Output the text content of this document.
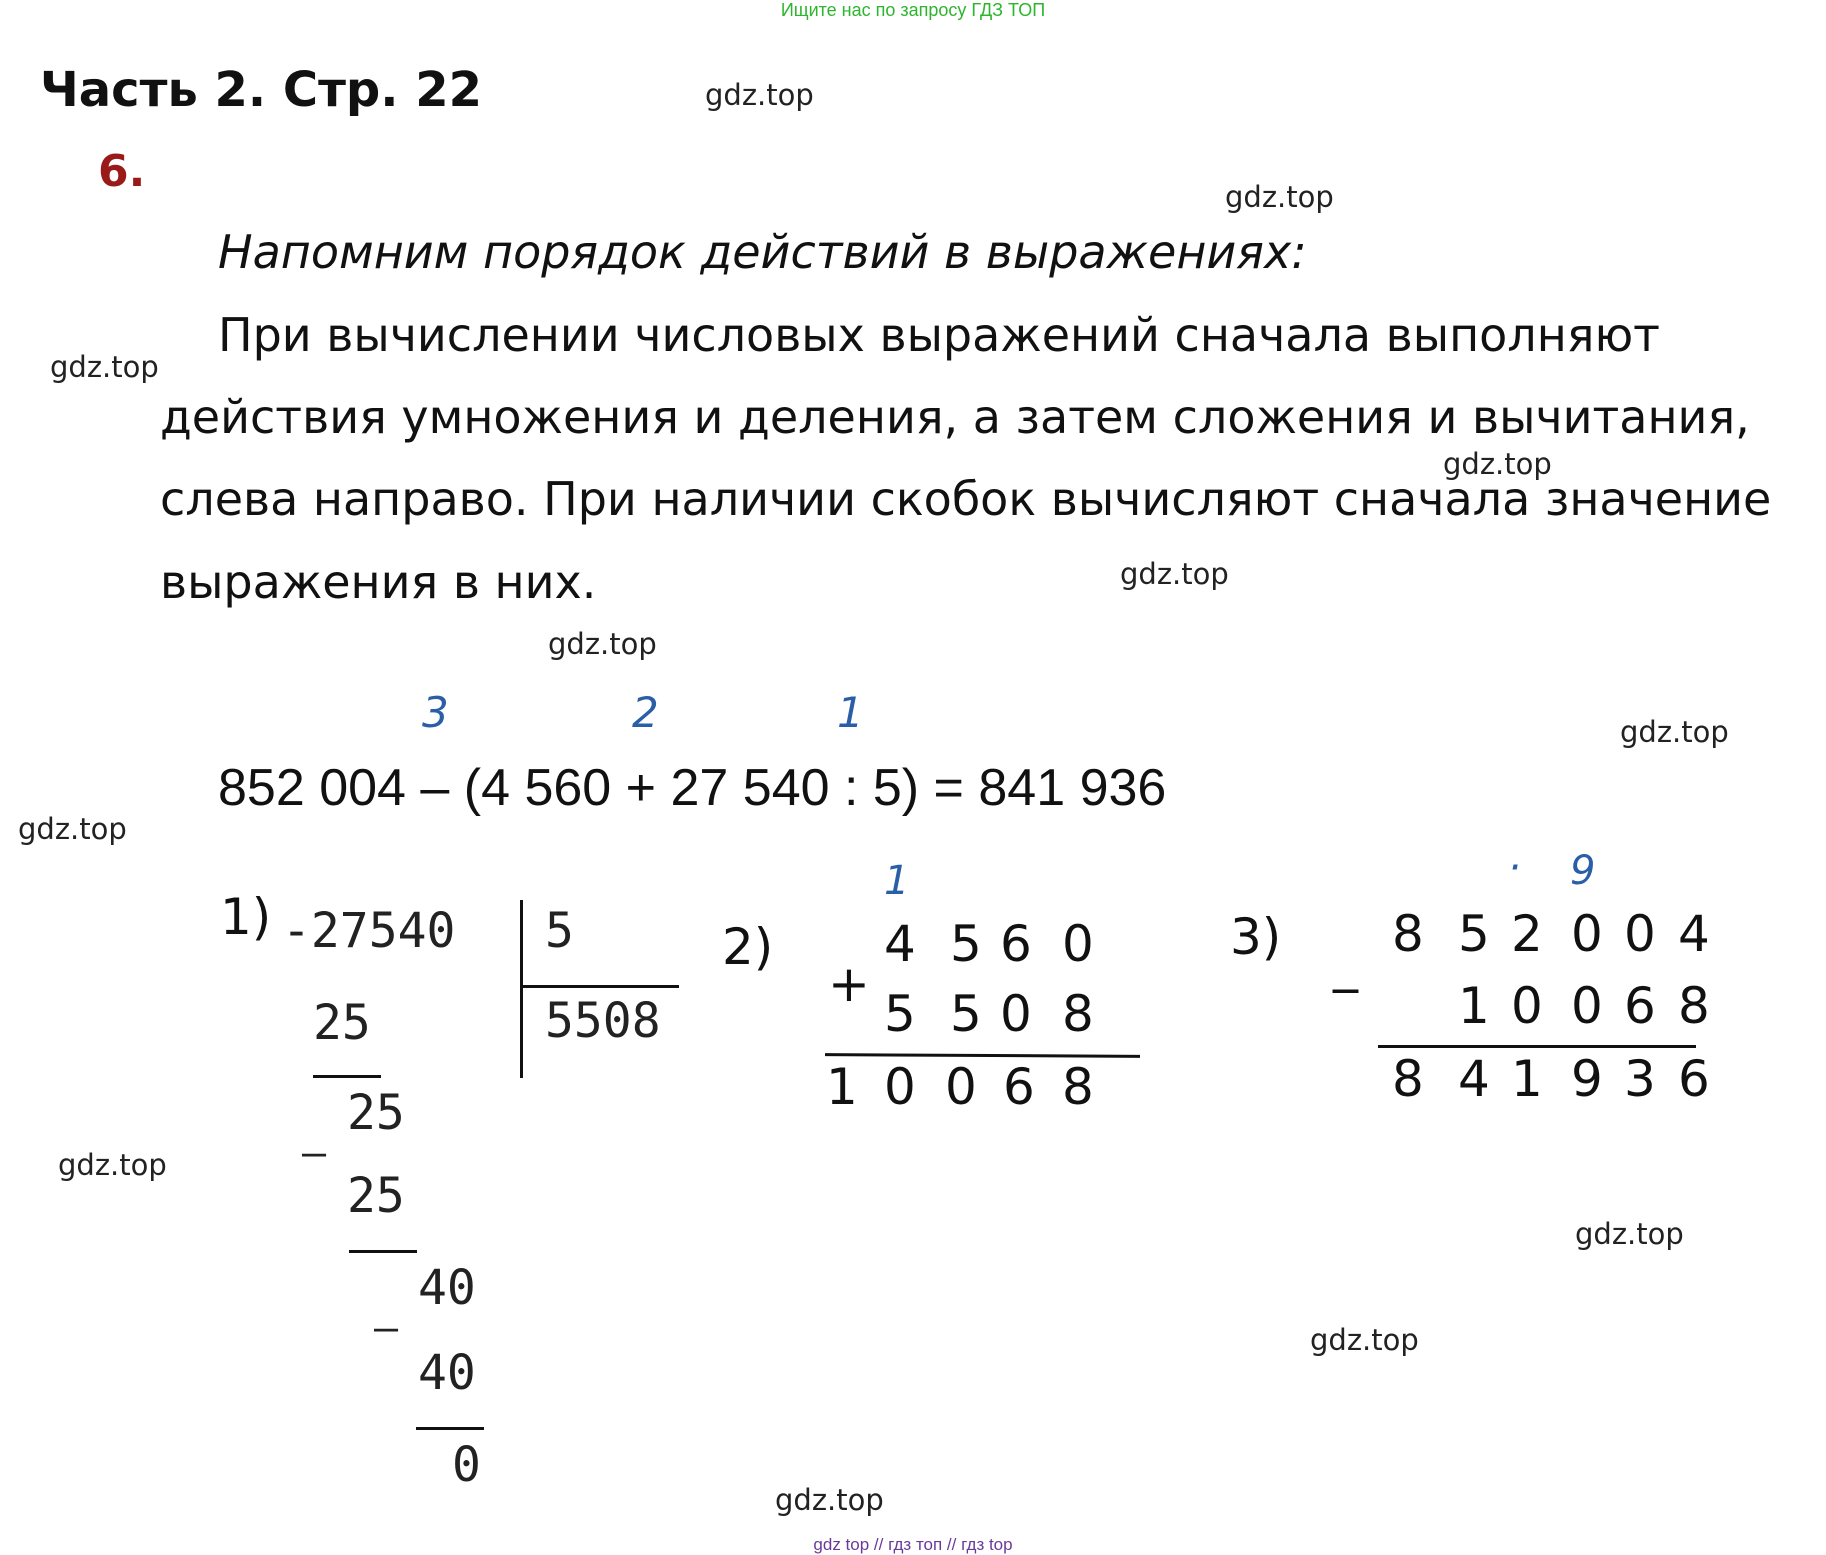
Ищите нас по запросу ГДЗ ТОП
Часть 2. Стр. 22
6.
Напомним порядок действий в выражениях:
При вычислении числовых выражений сначала выполняют
действия умножения и деления, а затем сложения и вычитания,
слева направо. При наличии скобок вычисляют сначала значение
выражения в них.
3	2	1
852 004 – (4 560 + 27 540 : 5) = 841 936
1) -27540 5
5508
25
25
–
25
40
–
40
0
2)
1
+
4 5 6 0
5 5 0 8
1 0 0 6 8
3)
· 9
_
8 5 2 0 0 4
1 0 0 6 8
8 4 1 9 3 6
gdz.top
gdz.top
gdz.top
gdz.top
gdz.top
gdz.top
gdz.top
gdz.top
gdz.top
gdz.top
gdz.top
gdz.top
gdz top // гдз топ // гдз top
